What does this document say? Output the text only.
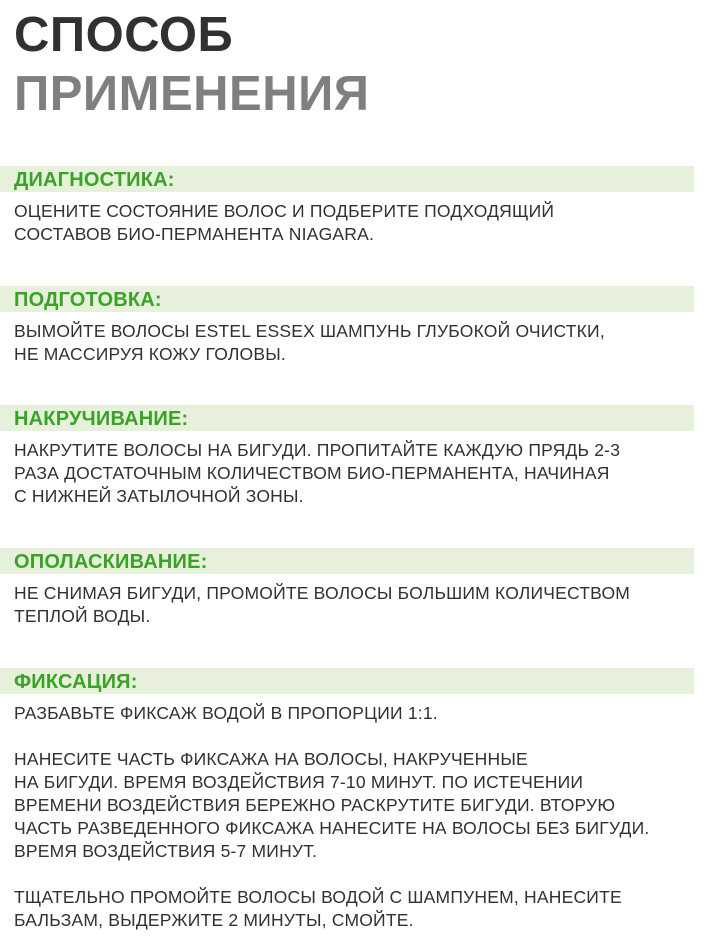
СПОСОБ
ПРИМЕНЕНИЯ
ДИАГНОСТИКА:
ОЦЕНИТЕ СОСТОЯНИЕ ВОЛОС И ПОДБЕРИТЕ ПОДХОДЯЩИЙ
СОСТАВОВ БИО-ПЕРМАНЕНТА NIAGARA.
ПОДГОТОВКА:
ВЫМОЙТЕ ВОЛОСЫ ESTEL ESSEX ШАМПУНЬ ГЛУБОКОЙ ОЧИСТКИ,
НЕ МАССИРУЯ КОЖУ ГОЛОВЫ.
НАКРУЧИВАНИЕ:
НАКРУТИТЕ ВОЛОСЫ НА БИГУДИ. ПРОПИТАЙТЕ КАЖДУЮ ПРЯДЬ 2-3
РАЗА ДОСТАТОЧНЫМ КОЛИЧЕСТВОМ БИО-ПЕРМАНЕНТА, НАЧИНАЯ
С НИЖНЕЙ ЗАТЫЛОЧНОЙ ЗОНЫ.
ОПОЛАСКИВАНИЕ:
НЕ СНИМАЯ БИГУДИ, ПРОМОЙТЕ ВОЛОСЫ БОЛЬШИМ КОЛИЧЕСТВОМ
ТЕПЛОЙ ВОДЫ.
ФИКСАЦИЯ:
РАЗБАВЬТЕ ФИКСАЖ ВОДОЙ В ПРОПОРЦИИ 1:1.
НАНЕСИТЕ ЧАСТЬ ФИКСАЖА НА ВОЛОСЫ, НАКРУЧЕННЫЕ
НА БИГУДИ. ВРЕМЯ ВОЗДЕЙСТВИЯ 7-10 МИНУТ. ПО ИСТЕЧЕНИИ
ВРЕМЕНИ ВОЗДЕЙСТВИЯ БЕРЕЖНО РАСКРУТИТЕ БИГУДИ. ВТОРУЮ
ЧАСТЬ РАЗВЕДЕННОГО ФИКСАЖА НАНЕСИТЕ НА ВОЛОСЫ БЕЗ БИГУДИ.
ВРЕМЯ ВОЗДЕЙСТВИЯ 5-7 МИНУТ.
ТЩАТЕЛЬНО ПРОМОЙТЕ ВОЛОСЫ ВОДОЙ С ШАМПУНЕМ, НАНЕСИТЕ
БАЛЬЗАМ, ВЫДЕРЖИТЕ 2 МИНУТЫ, СМОЙТЕ.
